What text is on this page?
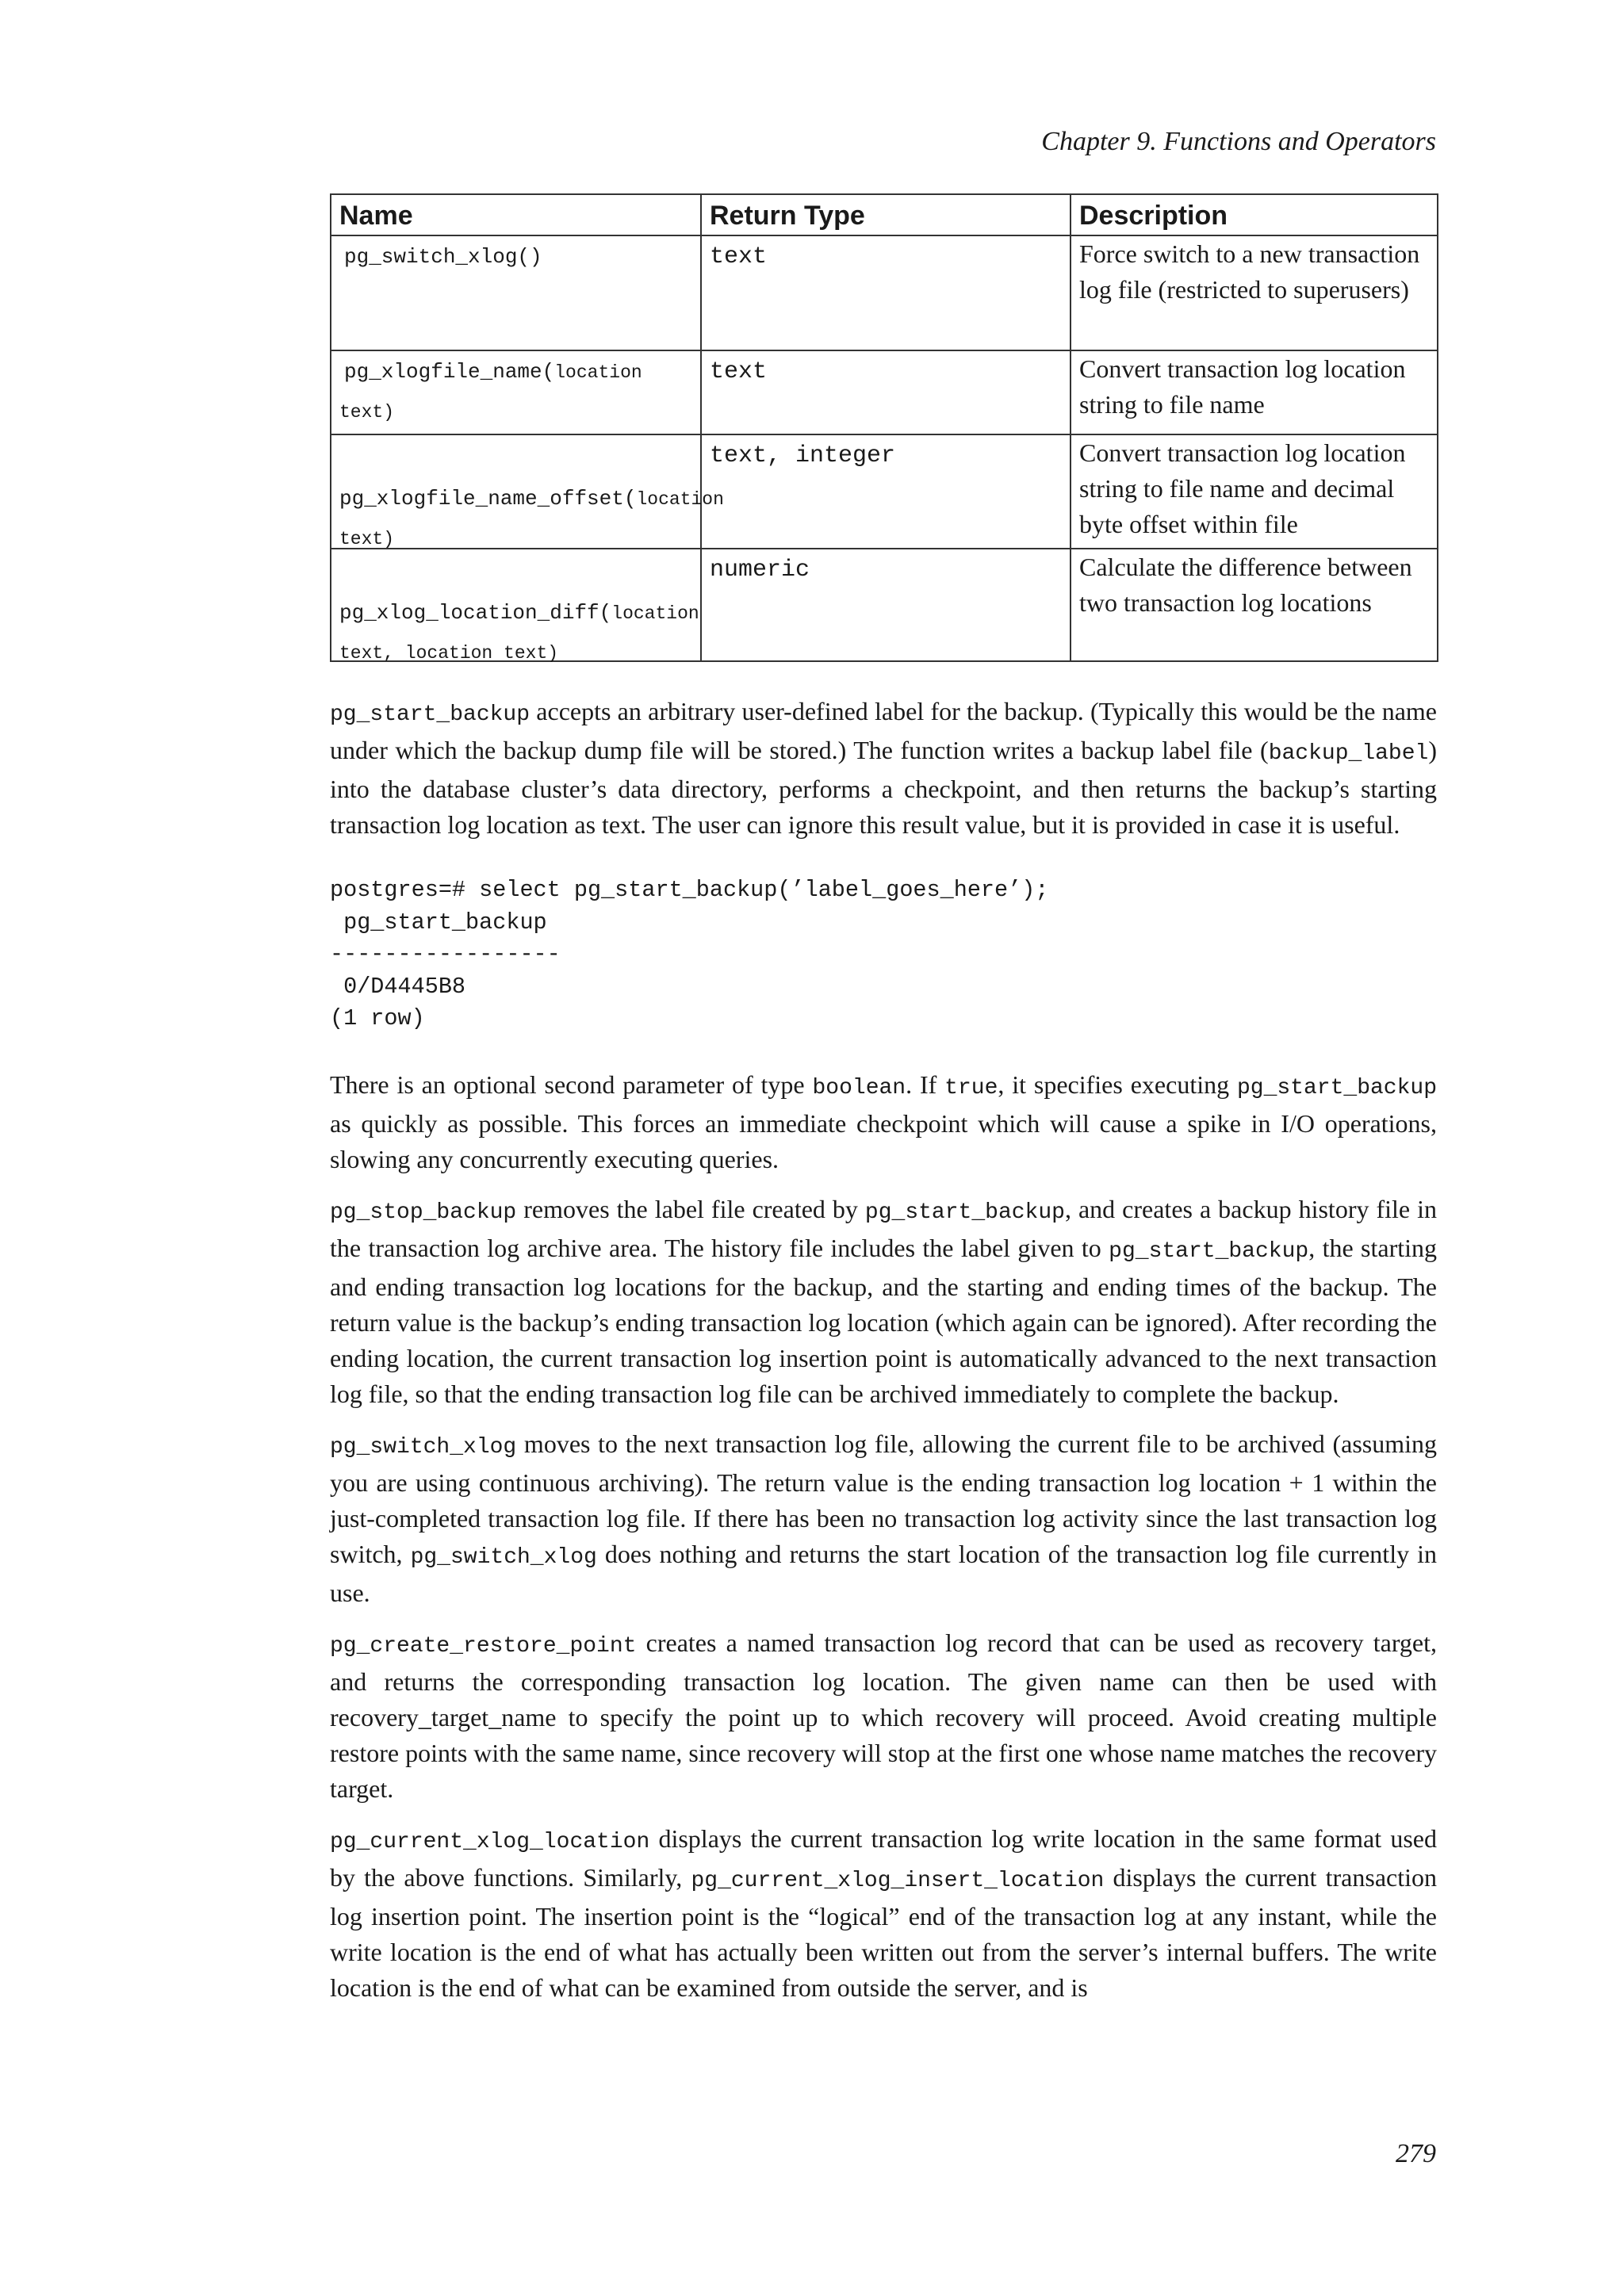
Chapter 9. Functions and Operators
Name	Return Type	Description
pg_switch_xlog()	text	Force switch to a new transaction log file (restricted to superusers)
pg_xlogfile_name(location
text)	text	Convert transaction log location string to file name

pg_xlogfile_name_offset(location
text)	text, integer	Convert transaction log location string to file name and decimal byte offset within file

pg_xlog_location_diff(location
text, location text)	numeric	Calculate the difference between two transaction log locations

pg_start_backup accepts an arbitrary user-defined label for the backup. (Typically this would be the name under which the backup dump file will be stored.) The function writes a backup label file (backup_label) into the database cluster’s data directory, performs a checkpoint, and then returns the backup’s starting transaction log location as text. The user can ignore this result value, but it is provided in case it is useful.

postgres=# select pg_start_backup(’label_goes_here’);
pg_start_backup
-----------------
0/D4445B8
(1 row)

There is an optional second parameter of type boolean. If true, it specifies executing pg_start_backup as quickly as possible. This forces an immediate checkpoint which will cause a spike in I/O operations, slowing any concurrently executing queries.

pg_stop_backup removes the label file created by pg_start_backup, and creates a backup history file in the transaction log archive area. The history file includes the label given to pg_start_backup, the starting and ending transaction log locations for the backup, and the starting and ending times of the backup. The return value is the backup’s ending transaction log location (which again can be ignored). After recording the ending location, the current transaction log insertion point is automatically advanced to the next transaction log file, so that the ending transaction log file can be archived immediately to complete the backup.

pg_switch_xlog moves to the next transaction log file, allowing the current file to be archived (assuming you are using continuous archiving). The return value is the ending transaction log location + 1 within the just-completed transaction log file. If there has been no transaction log activity since the last transaction log switch, pg_switch_xlog does nothing and returns the start location of the transaction log file currently in use.

pg_create_restore_point creates a named transaction log record that can be used as recovery target, and returns the corresponding transaction log location. The given name can then be used with recovery_target_name to specify the point up to which recovery will proceed. Avoid creating multiple restore points with the same name, since recovery will stop at the first one whose name matches the recovery target.

pg_current_xlog_location displays the current transaction log write location in the same format used by the above functions. Similarly, pg_current_xlog_insert_location displays the current transaction log insertion point. The insertion point is the “logical” end of the transaction log at any instant, while the write location is the end of what has actually been written out from the server’s internal buffers. The write location is the end of what can be examined from outside the server, and is

279
